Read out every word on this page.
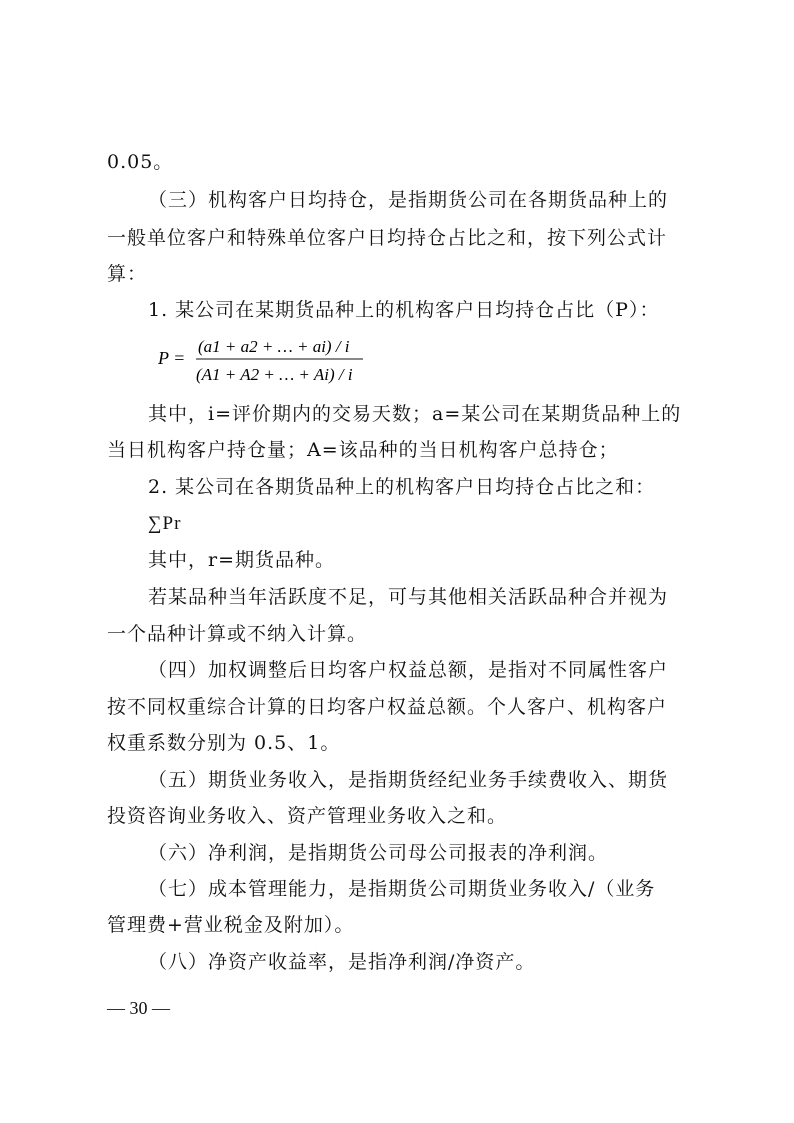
0.05。
（三）机构客户日均持仓，是指期货公司在各期货品种上的
一般单位客户和特殊单位客户日均持仓占比之和，按下列公式计
算：
1. 某公司在某期货品种上的机构客户日均持仓占比（P）：
P =
(a1 + a2 + … + ai) / i
(A1 + A2 + … + Ai) / i
其中，i=评价期内的交易天数；a=某公司在某期货品种上的
当日机构客户持仓量；A=该品种的当日机构客户总持仓；
2. 某公司在各期货品种上的机构客户日均持仓占比之和：
∑Pr
其中，r=期货品种。
若某品种当年活跃度不足，可与其他相关活跃品种合并视为
一个品种计算或不纳入计算。
（四）加权调整后日均客户权益总额，是指对不同属性客户
按不同权重综合计算的日均客户权益总额。个人客户、机构客户
权重系数分别为 0.5、1。
（五）期货业务收入，是指期货经纪业务手续费收入、期货
投资咨询业务收入、资产管理业务收入之和。
（六）净利润，是指期货公司母公司报表的净利润。
（七）成本管理能力，是指期货公司期货业务收入/（业务
管理费+营业税金及附加）。
（八）净资产收益率，是指净利润/净资产。
— 30 —
